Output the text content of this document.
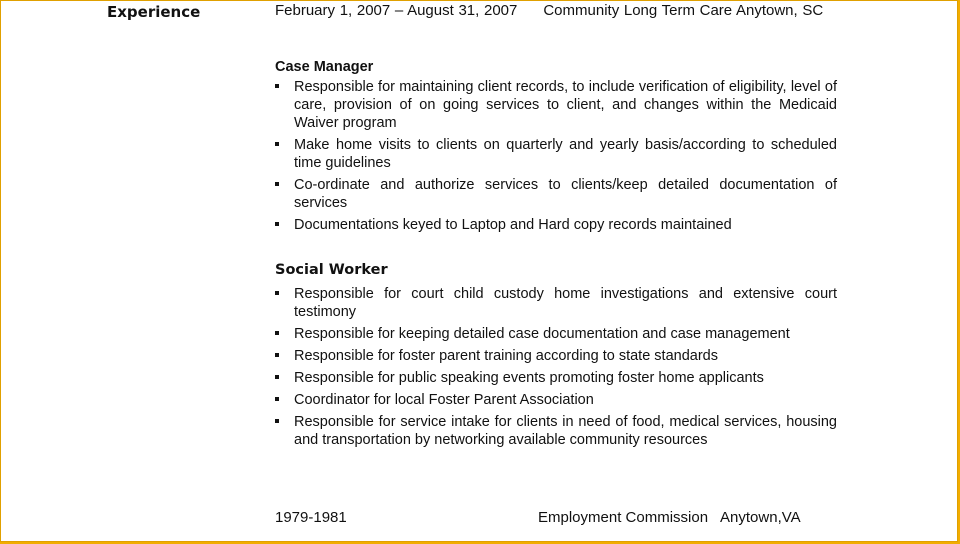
Experience	February 1, 2007 – August 31, 2007 Community Long Term Care Anytown, SC
Case Manager
Responsible for maintaining client records, to include verification of eligibility, level of care, provision of on going services to client, and changes within the Medicaid Waiver program
Make home visits to clients on quarterly and yearly basis/according to scheduled time guidelines
Co-ordinate and authorize services to clients/keep detailed documentation of services
Documentations keyed to Laptop and Hard copy records maintained
Social Worker
Responsible for court child custody home investigations and extensive court testimony
Responsible for keeping detailed case documentation and case management
Responsible for foster parent training according to state standards
Responsible for public speaking events promoting foster home applicants
Coordinator for local Foster Parent Association
Responsible for service intake for clients in need of food, medical services, housing and transportation by networking available community resources
1979-1981	Employment Commission Anytown,VA
